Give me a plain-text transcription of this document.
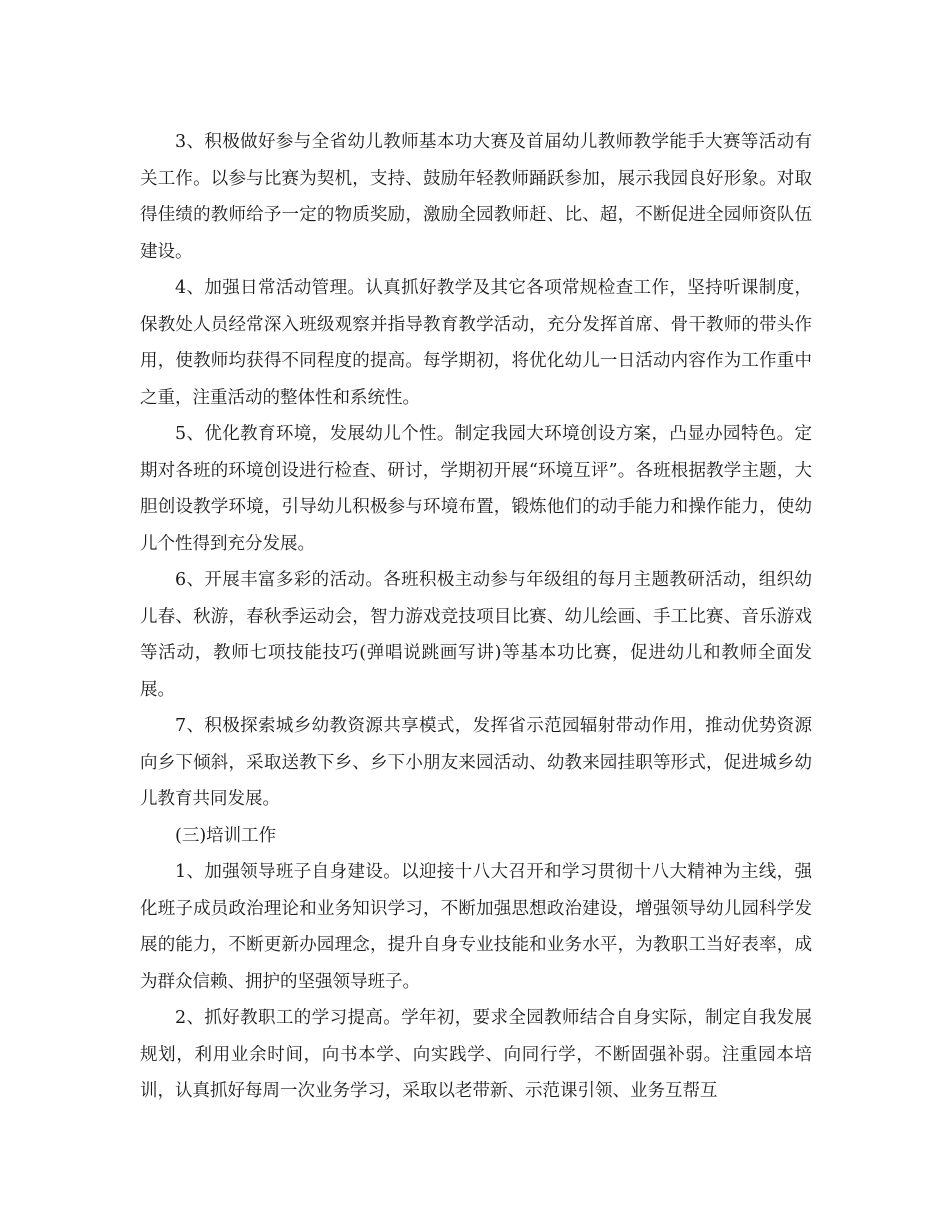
3、积极做好参与全省幼儿教师基本功大赛及首届幼儿教师教学能手大赛等活动有关工作。以参与比赛为契机，支持、鼓励年轻教师踊跃参加，展示我园良好形象。对取得佳绩的教师给予一定的物质奖励，激励全园教师赶、比、超，不断促进全园师资队伍建设。

4、加强日常活动管理。认真抓好教学及其它各项常规检查工作，坚持听课制度，保教处人员经常深入班级观察并指导教育教学活动，充分发挥首席、骨干教师的带头作用，使教师均获得不同程度的提高。每学期初，将优化幼儿一日活动内容作为工作重中之重，注重活动的整体性和系统性。

5、优化教育环境，发展幼儿个性。制定我园大环境创设方案，凸显办园特色。定期对各班的环境创设进行检查、研讨，学期初开展“环境互评”。各班根据教学主题，大胆创设教学环境，引导幼儿积极参与环境布置，锻炼他们的动手能力和操作能力，使幼儿个性得到充分发展。

6、开展丰富多彩的活动。各班积极主动参与年级组的每月主题教研活动，组织幼儿春、秋游，春秋季运动会，智力游戏竞技项目比赛、幼儿绘画、手工比赛、音乐游戏等活动，教师七项技能技巧(弹唱说跳画写讲)等基本功比赛，促进幼儿和教师全面发展。

7、积极探索城乡幼教资源共享模式，发挥省示范园辐射带动作用，推动优势资源向乡下倾斜，采取送教下乡、乡下小朋友来园活动、幼教来园挂职等形式，促进城乡幼儿教育共同发展。

(三)培训工作

1、加强领导班子自身建设。以迎接十八大召开和学习贯彻十八大精神为主线，强化班子成员政治理论和业务知识学习，不断加强思想政治建设，增强领导幼儿园科学发展的能力，不断更新办园理念，提升自身专业技能和业务水平，为教职工当好表率，成为群众信赖、拥护的坚强领导班子。

2、抓好教职工的学习提高。学年初，要求全园教师结合自身实际，制定自我发展规划，利用业余时间，向书本学、向实践学、向同行学，不断固强补弱。注重园本培训，认真抓好每周一次业务学习，采取以老带新、示范课引领、业务互帮互
